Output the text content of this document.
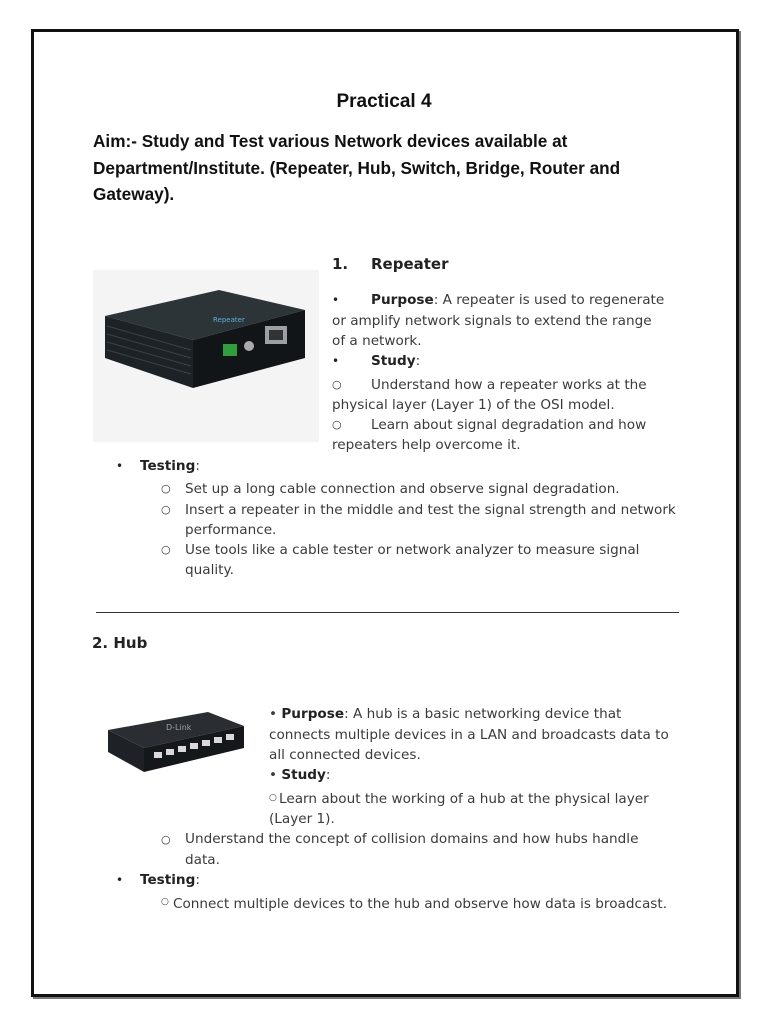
Practical 4
Aim:- Study and Test various Network devices available at Department/Institute. (Repeater, Hub, Switch, Bridge, Router and Gateway).
Repeater
1. Repeater
• Purpose: A repeater is used to regenerate
or amplify network signals to extend the range
of a network.
• Study:
○ Understand how a repeater works at the
physical layer (Layer 1) of the OSI model.
○ Learn about signal degradation and how
repeaters help overcome it.
• Testing:
○ Set up a long cable connection and observe signal degradation.
○ Insert a repeater in the middle and test the signal strength and network
performance.
○ Use tools like a cable tester or network analyzer to measure signal
quality.
2. Hub
D-Link
• Purpose: A hub is a basic networking device that
connects multiple devices in a LAN and broadcasts data to
all connected devices.
• Study:
○ Learn about the working of a hub at the physical layer
(Layer 1).
○ Understand the concept of collision domains and how hubs handle
data.
• Testing:
○ Connect multiple devices to the hub and observe how data is broadcast.
